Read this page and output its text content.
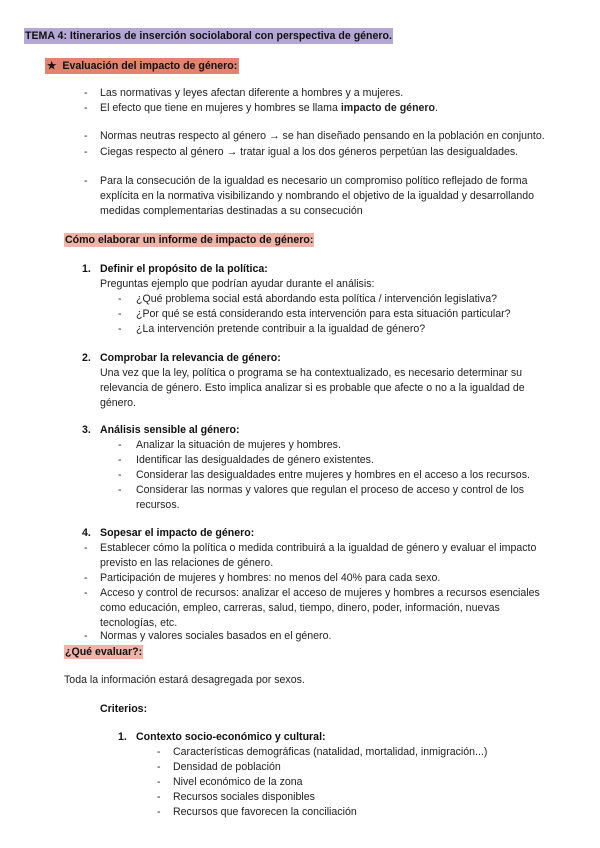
TEMA 4: Itinerarios de inserción sociolaboral con perspectiva de género.
★ Evaluación del impacto de género:
- Las normativas y leyes afectan diferente a hombres y a mujeres.
- El efecto que tiene en mujeres y hombres se llama impacto de género.
- Normas neutras respecto al género → se han diseñado pensando en la población en conjunto.
- Ciegas respecto al género → tratar igual a los dos géneros perpetúan las desigualdades.
- Para la consecución de la igualdad es necesario un compromiso político reflejado de forma
explícita en la normativa visibilizando y nombrando el objetivo de la igualdad y desarrollando
medidas complementarias destinadas a su consecución
Cómo elaborar un informe de impacto de género:
1. Definir el propósito de la política:
Preguntas ejemplo que podrían ayudar durante el análisis:
- ¿Qué problema social está abordando esta política / intervención legislativa?
- ¿Por qué se está considerando esta intervención para esta situación particular?
- ¿La intervención pretende contribuir a la igualdad de género?
2. Comprobar la relevancia de género:
Una vez que la ley, política o programa se ha contextualizado, es necesario determinar su
relevancia de género. Esto implica analizar si es probable que afecte o no a la igualdad de
género.
3. Análisis sensible al género:
- Analizar la situación de mujeres y hombres.
- Identificar las desigualdades de género existentes.
- Considerar las desigualdades entre mujeres y hombres en el acceso a los recursos.
- Considerar las normas y valores que regulan el proceso de acceso y control de los
recursos.
4. Sopesar el impacto de género:
- Establecer cómo la política o medida contribuirá a la igualdad de género y evaluar el impacto
previsto en las relaciones de género.
- Participación de mujeres y hombres: no menos del 40% para cada sexo.
- Acceso y control de recursos: analizar el acceso de mujeres y hombres a recursos esenciales
como educación, empleo, carreras, salud, tiempo, dinero, poder, información, nuevas
tecnologías, etc.
- Normas y valores sociales basados en el género.
¿Qué evaluar?:
Toda la información estará desagregada por sexos.
Criterios:
1. Contexto socio-económico y cultural:
- Características demográficas (natalidad, mortalidad, inmigración...)
- Densidad de población
- Nivel económico de la zona
- Recursos sociales disponibles
- Recursos que favorecen la conciliación
